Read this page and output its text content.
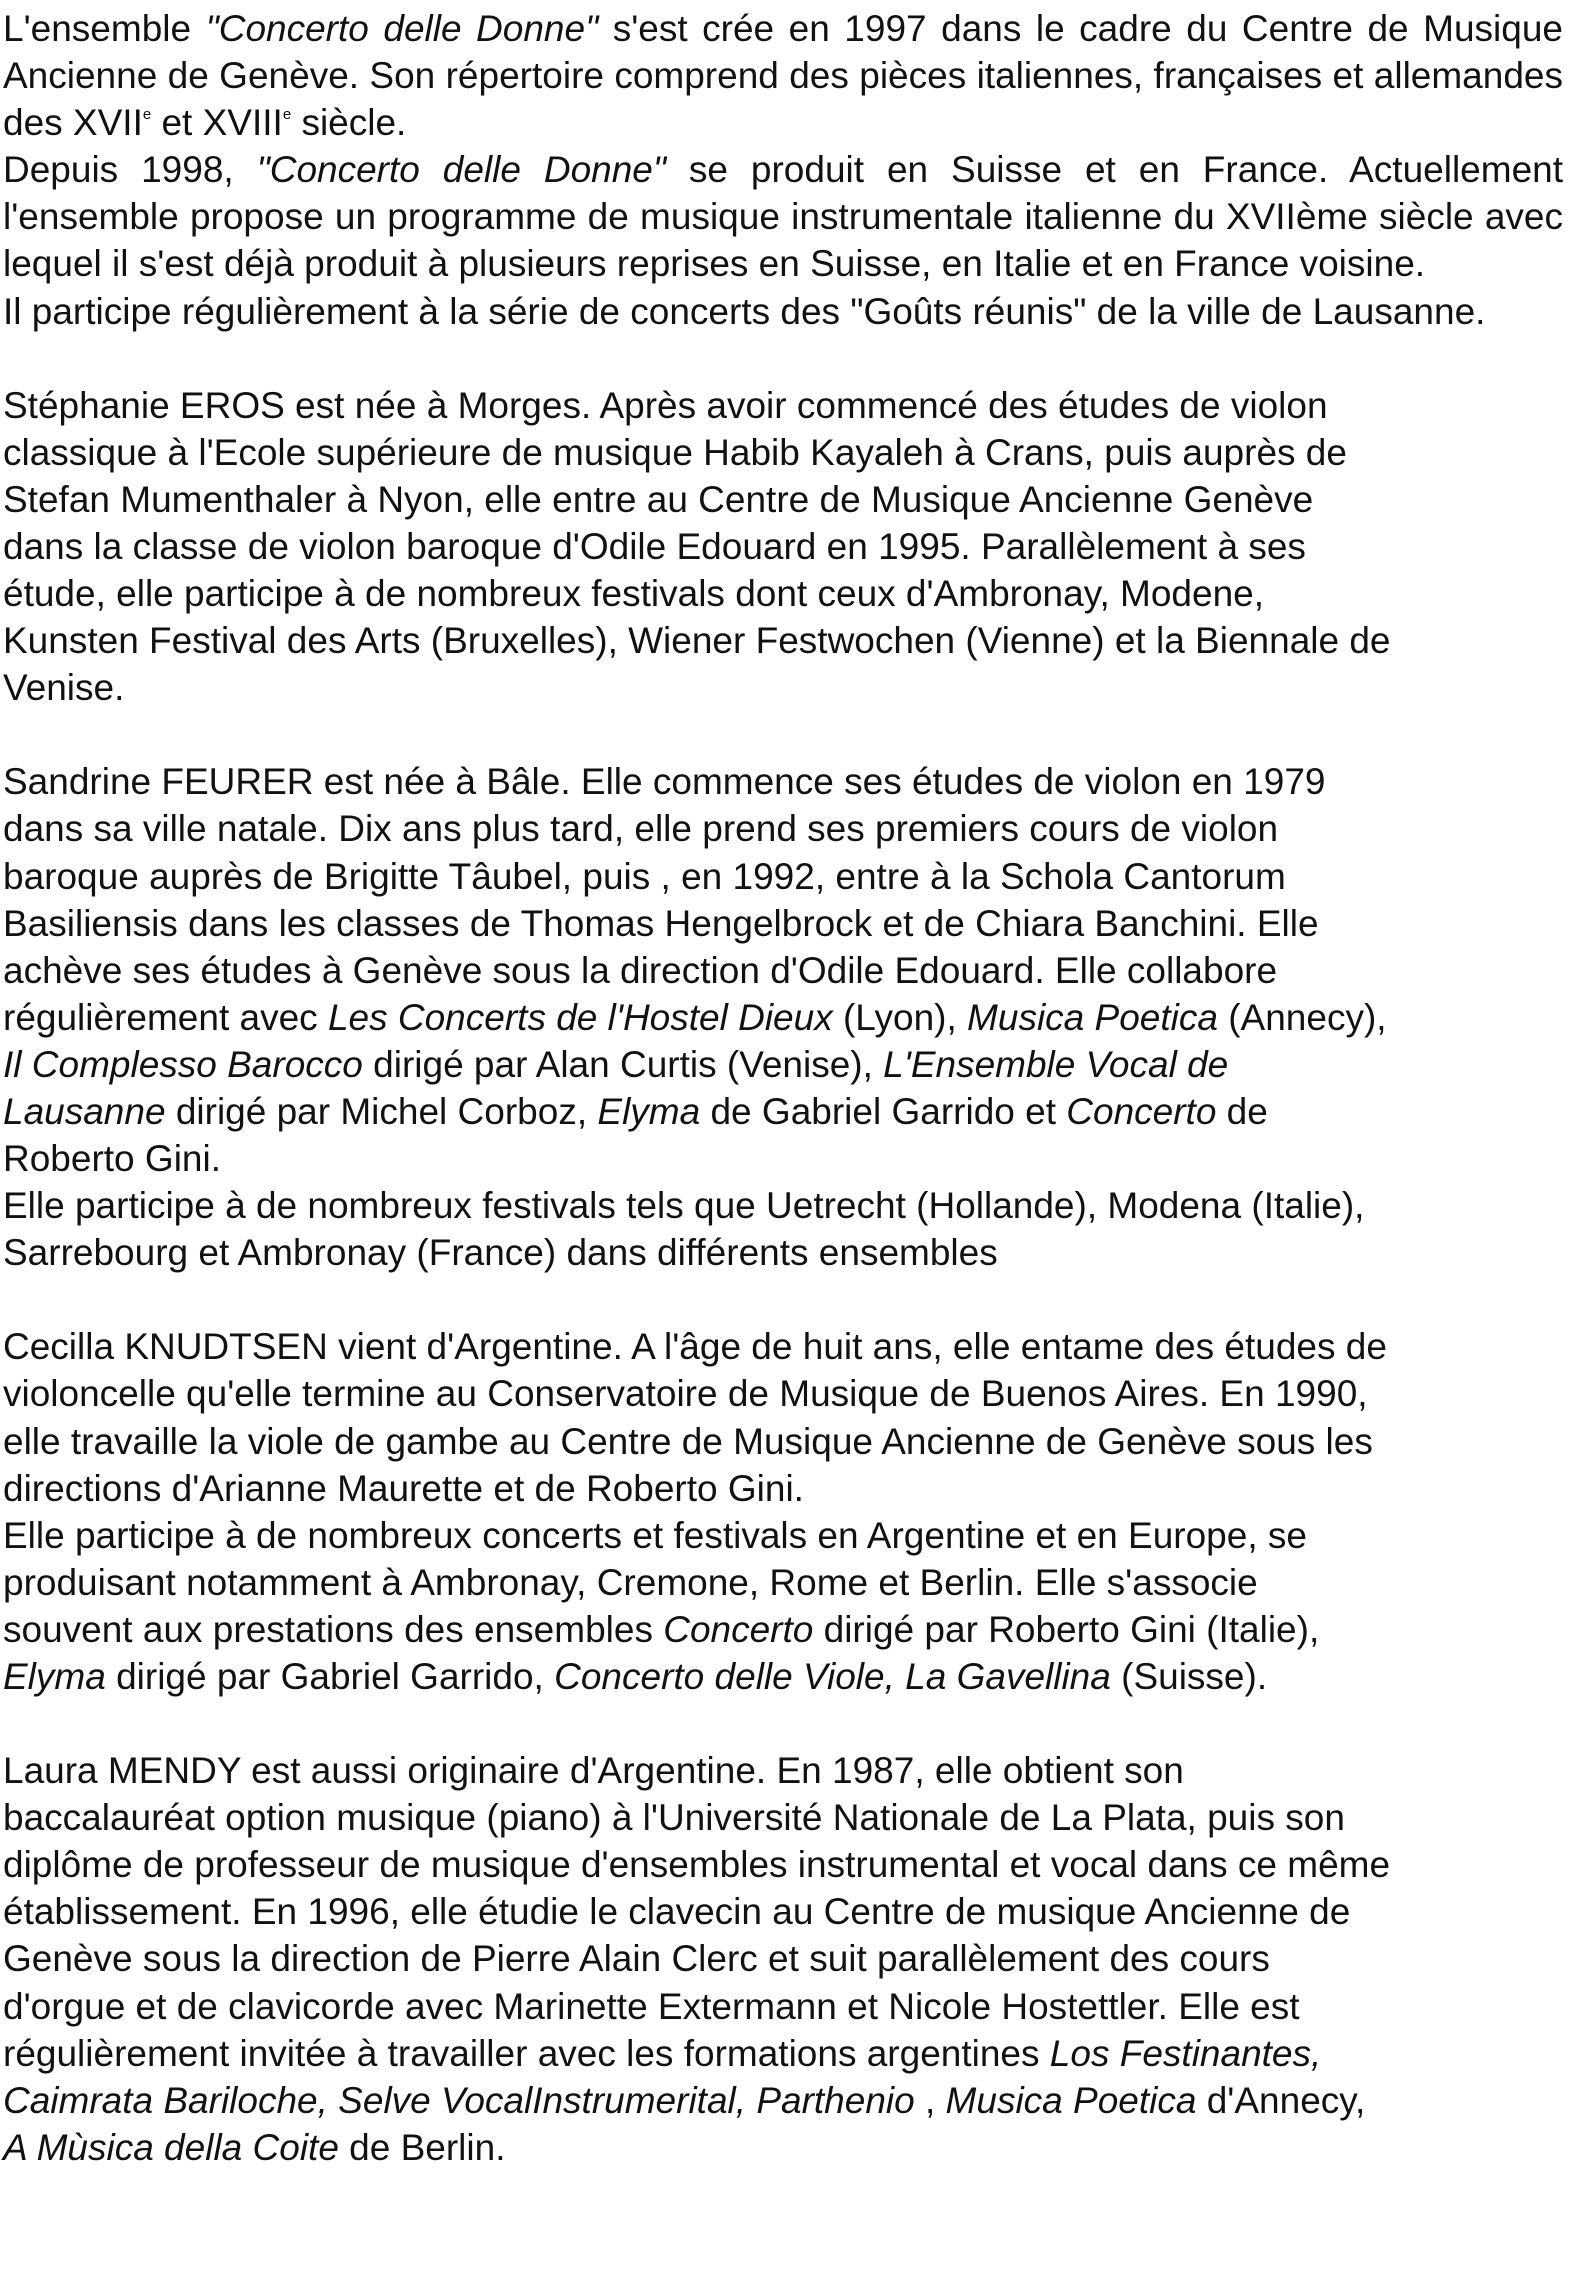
L'ensemble "Concerto delle Donne" s'est crée en 1997 dans le cadre du Centre de Musique Ancienne de Genève. Son répertoire comprend des pièces italiennes, françaises et allemandes des XVIIe et XVIIIe siècle.

Depuis 1998, "Concerto delle Donne" se produit en Suisse et en France. Actuellement l'ensemble propose un programme de musique instrumentale italienne du XVIIème siècle avec lequel il s'est déjà produit à plusieurs reprises en Suisse, en Italie et en France voisine.

Il participe régulièrement à la série de concerts des "Goûts réunis" de la ville de Lausanne.

Stéphanie EROS est née à Morges. Après avoir commencé des études de violon
classique à l'Ecole supérieure de musique Habib Kayaleh à Crans, puis auprès de
Stefan Mumenthaler à Nyon, elle entre au Centre de Musique Ancienne Genève
dans la classe de violon baroque d'Odile Edouard en 1995. Parallèlement à ses
étude, elle participe à de nombreux festivals dont ceux d'Ambronay, Modene,
Kunsten Festival des Arts (Bruxelles), Wiener Festwochen (Vienne) et la Biennale de
Venise.
Sandrine FEURER est née à Bâle. Elle commence ses études de violon en 1979
dans sa ville natale. Dix ans plus tard, elle prend ses premiers cours de violon
baroque auprès de Brigitte Tâubel, puis , en 1992, entre à la Schola Cantorum
Basiliensis dans les classes de Thomas Hengelbrock et de Chiara Banchini. Elle
achève ses études à Genève sous la direction d'Odile Edouard. Elle collabore
régulièrement avec Les Concerts de l'Hostel Dieux (Lyon), Musica Poetica (Annecy),
Il Complesso Barocco dirigé par Alan Curtis (Venise), L'Ensemble Vocal de
Lausanne dirigé par Michel Corboz, Elyma de Gabriel Garrido et Concerto de
Roberto Gini.
Elle participe à de nombreux festivals tels que Uetrecht (Hollande), Modena (Italie),
Sarrebourg et Ambronay (France) dans différents ensembles
Cecilla KNUDTSEN vient d'Argentine. A l'âge de huit ans, elle entame des études de
violoncelle qu'elle termine au Conservatoire de Musique de Buenos Aires. En 1990,
elle travaille la viole de gambe au Centre de Musique Ancienne de Genève sous les
directions d'Arianne Maurette et de Roberto Gini.
Elle participe à de nombreux concerts et festivals en Argentine et en Europe, se
produisant notamment à Ambronay, Cremone, Rome et Berlin. Elle s'associe
souvent aux prestations des ensembles Concerto dirigé par Roberto Gini (Italie),
Elyma dirigé par Gabriel Garrido, Concerto delle Viole, La Gavellina (Suisse).
Laura MENDY est aussi originaire d'Argentine. En 1987, elle obtient son
baccalauréat option musique (piano) à l'Université Nationale de La Plata, puis son
diplôme de professeur de musique d'ensembles instrumental et vocal dans ce même
établissement. En 1996, elle étudie le clavecin au Centre de musique Ancienne de
Genève sous la direction de Pierre Alain Clerc et suit parallèlement des cours
d'orgue et de clavicorde avec Marinette Extermann et Nicole Hostettler. Elle est
régulièrement invitée à travailler avec les formations argentines Los Festinantes,
Caimrata Bariloche, Selve VocalInstrumerital, Parthenio , Musica Poetica d'Annecy,
A Mùsica della Coite de Berlin.
